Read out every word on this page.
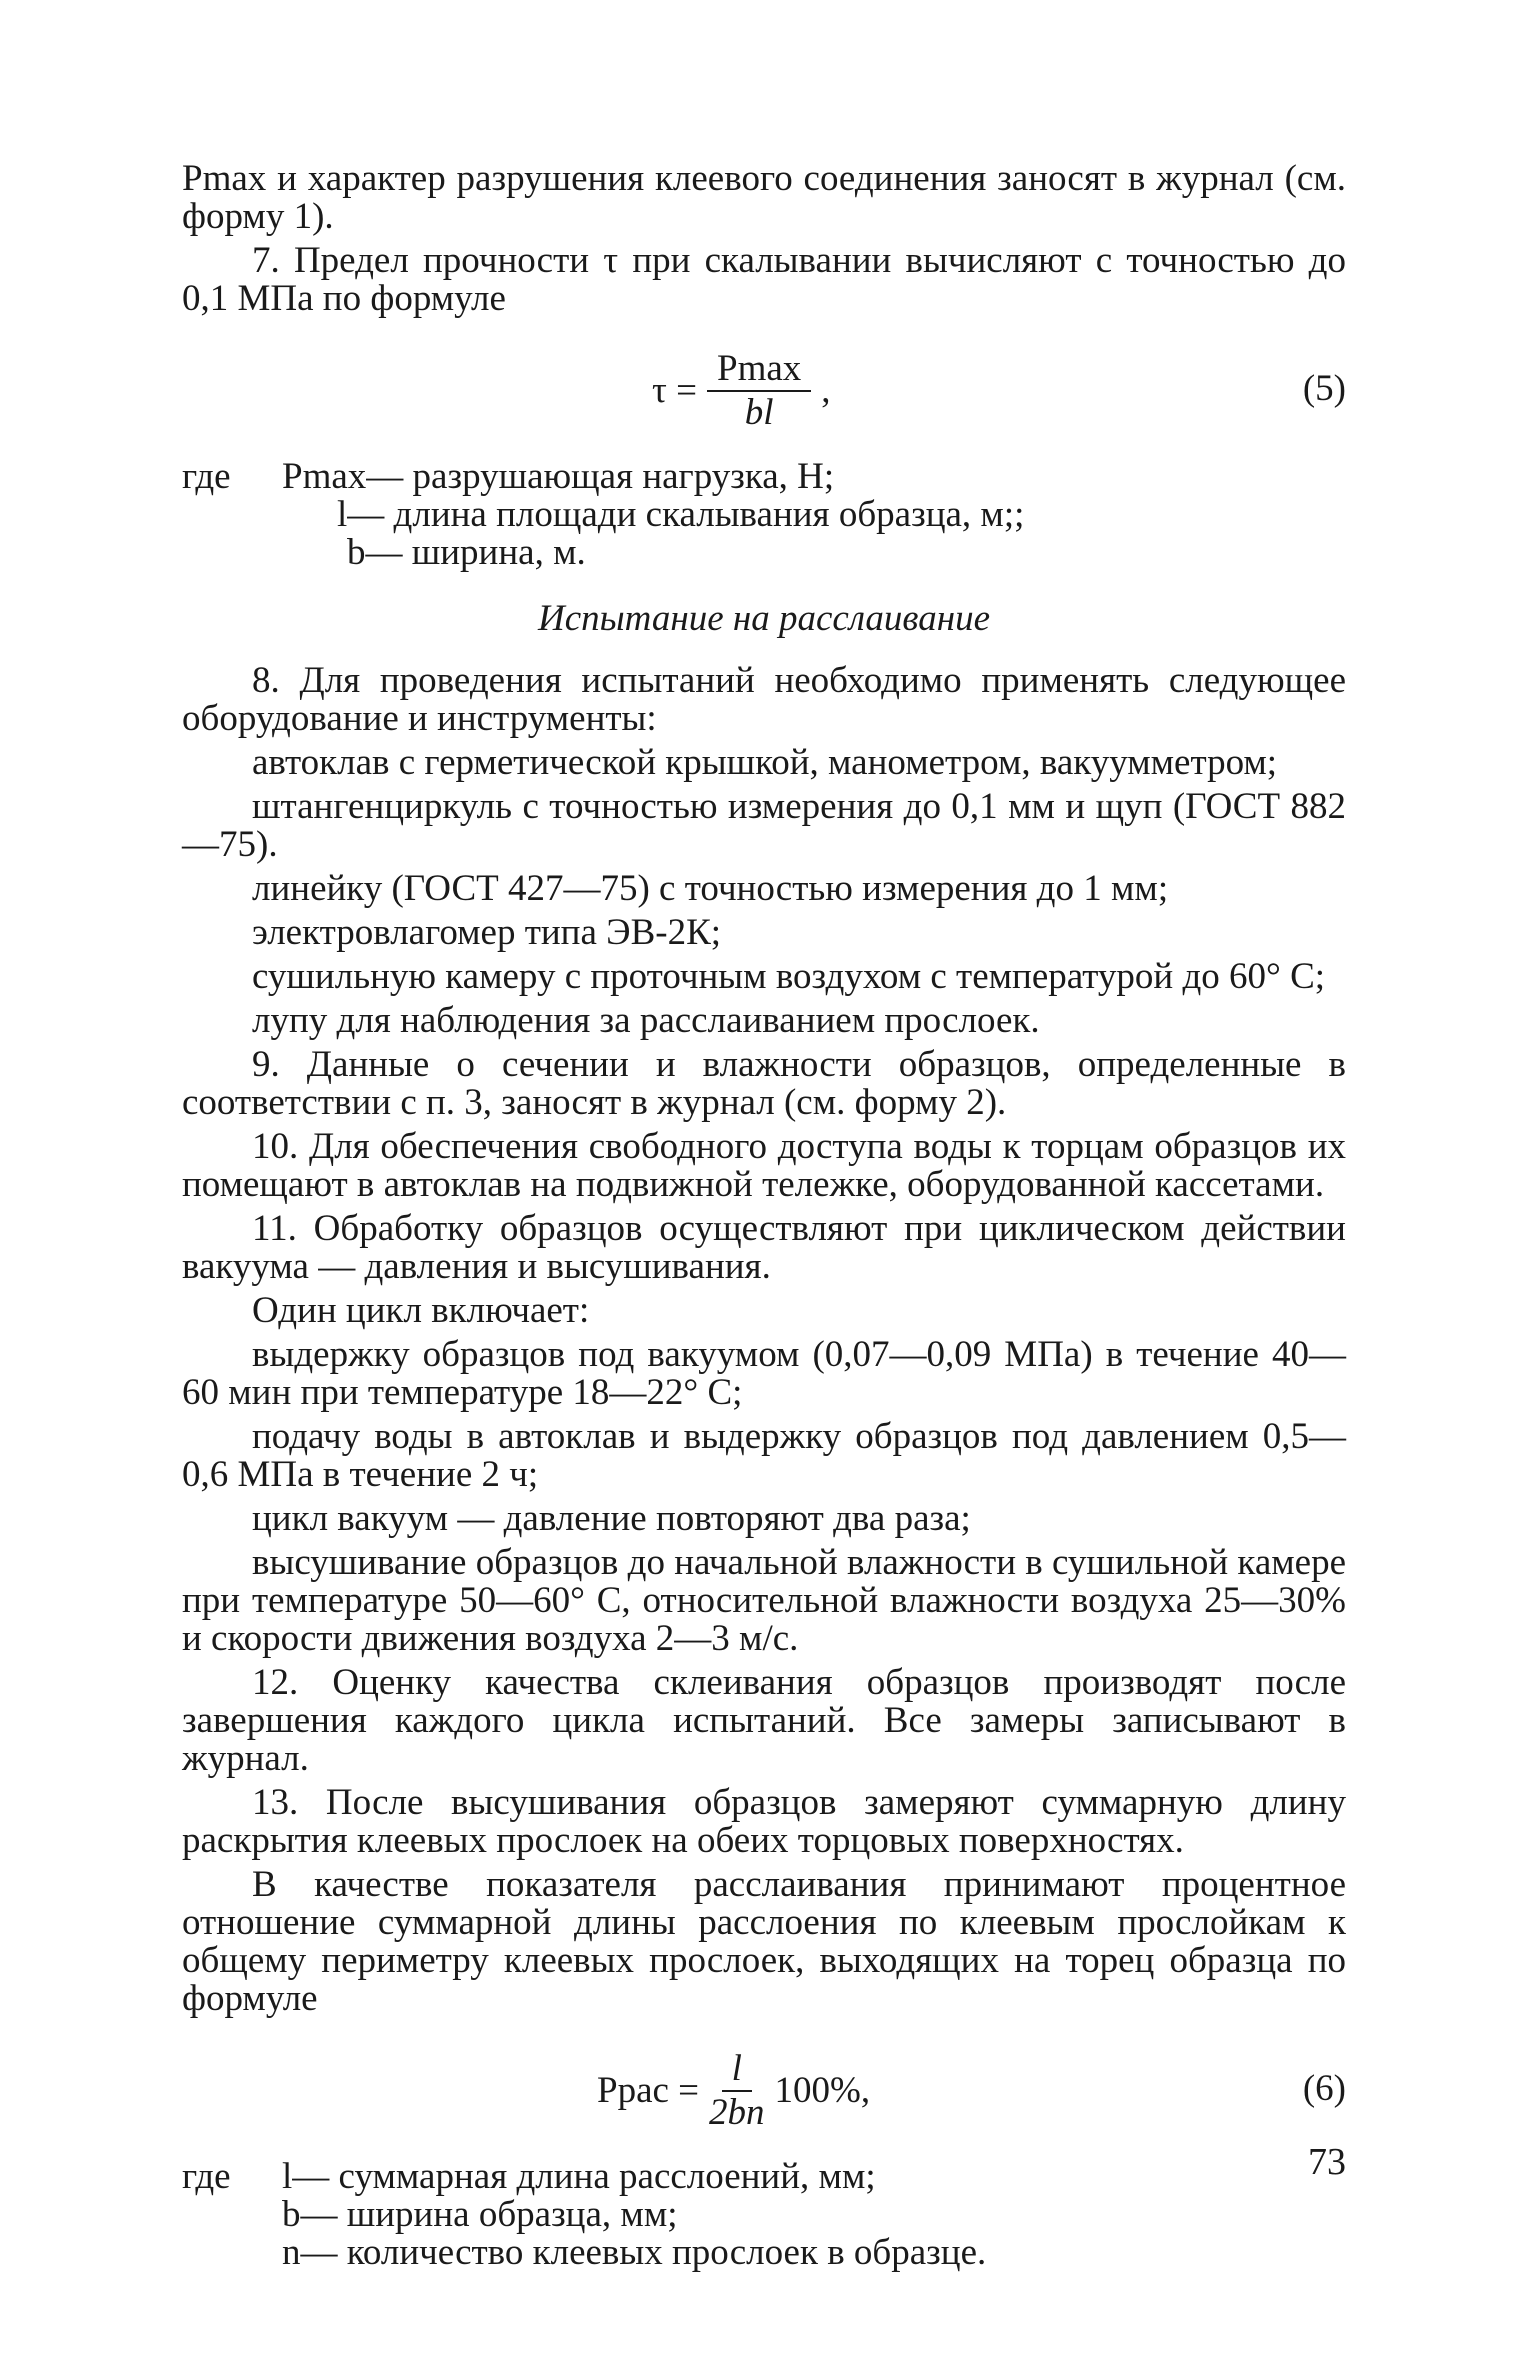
Pmax и характер разрушения клеевого соединения заносят в журнал (см. форму 1).

7. Предел прочности τ при скалывании вычисляют с точностью до 0,1 МПа по формуле

$\tau = \frac{Pmax}{bl}$ ,	(5)
где Pmax— разрушающая нагрузка, Н;
l— длина площади скалывания образца, м;;
b— ширина, м.

Испытание на расслаивание

8. Для проведения испытаний необходимо применять следующее оборудование и инструменты:

автоклав с герметической крышкой, манометром, вакуумметром;

штангенциркуль с точностью измерения до 0,1 мм и щуп (ГОСТ 882—75).

линейку (ГОСТ 427—75) с точностью измерения до 1 мм;

электровлагомер типа ЭВ-2К;

сушильную камеру с проточным воздухом с температурой до 60° С;

лупу для наблюдения за расслаиванием прослоек.

9. Данные о сечении и влажности образцов, определенные в соответствии с п. 3, заносят в журнал (см. форму 2).

10. Для обеспечения свободного доступа воды к торцам образцов их помещают в автоклав на подвижной тележке, оборудованной кассетами.

11. Обработку образцов осуществляют при циклическом действии вакуума — давления и высушивания.

Один цикл включает:

выдержку образцов под вакуумом (0,07—0,09 МПа) в течение 40—60 мин при температуре 18—22° С;

подачу воды в автоклав и выдержку образцов под давлением 0,5—0,6 МПа в течение 2 ч;

цикл вакуум — давление повторяют два раза;

высушивание образцов до начальной влажности в сушильной камере при температуре 50—60° С, относительной влажности воздуха 25—30% и скорости движения воздуха 2—3 м/с.

12. Оценку качества склеивания образцов производят после завершения каждого цикла испытаний. Все замеры записывают в журнал.

13. После высушивания образцов замеряют суммарную длину раскрытия клеевых прослоек на обеих торцовых поверхностях.

В качестве показателя расслаивания принимают процентное отношение суммарной длины расслоения по клеевым прослойкам к общему периметру клеевых прослоек, выходящих на торец образца по формуле

Pрас = $\frac{l}{2bn} 100\%$,	(6)
где l— суммарная длина расслоений, мм;
b— ширина образца, мм;
n— количество клеевых прослоек в образце.
73
